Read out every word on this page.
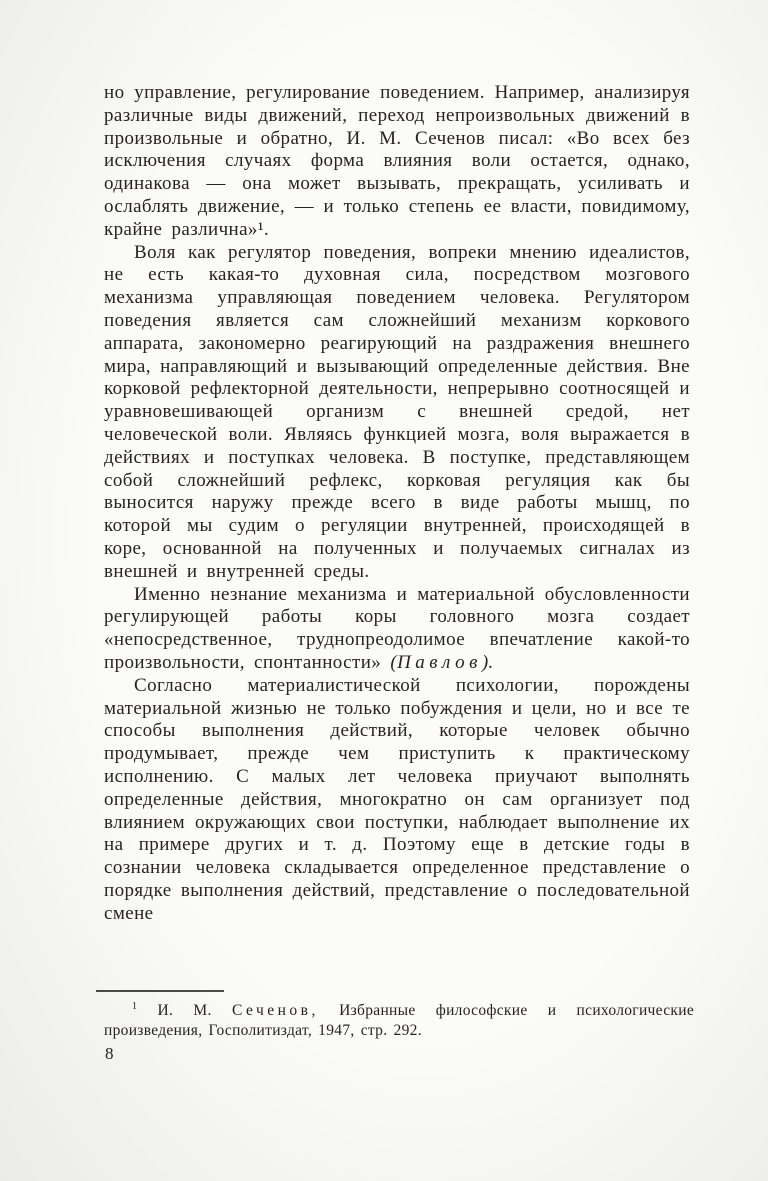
но управление, регулирование поведением. Например, анализируя различные виды движений, переход непроизвольных движений в произвольные и обратно, И. М. Сеченов писал: «Во всех без исключения случаях форма влияния воли остается, однако, одинакова — она может вызывать, прекращать, усиливать и ослаблять движение, — и только степень ее власти, повидимому, крайне различна»¹.

Воля как регулятор поведения, вопреки мнению идеалистов, не есть какая-то духовная сила, посредством мозгового механизма управляющая поведением человека. Регулятором поведения является сам сложнейший механизм коркового аппарата, закономерно реагирующий на раздражения внешнего мира, направляющий и вызывающий определенные действия. Вне корковой рефлекторной деятельности, непрерывно соотносящей и уравновешивающей организм с внешней средой, нет человеческой воли. Являясь функцией мозга, воля выражается в действиях и поступках человека. В поступке, представляющем собой сложнейший рефлекс, корковая регуляция как бы выносится наружу прежде всего в виде работы мышц, по которой мы судим о регуляции внутренней, происходящей в коре, основанной на полученных и получаемых сигналах из внешней и внутренней среды.

Именно незнание механизма и материальной обусловленности регулирующей работы коры головного мозга создает «непосредственное, труднопреодолимое впечатление какой-то произвольности, спонтанности» (Павлов).

Согласно материалистической психологии, порождены материальной жизнью не только побуждения и цели, но и все те способы выполнения действий, которые человек обычно продумывает, прежде чем приступить к практическому исполнению. С малых лет человека приучают выполнять определенные действия, многократно он сам организует под влиянием окружающих свои поступки, наблюдает выполнение их на примере других и т. д. Поэтому еще в детские годы в сознании человека складывается определенное представление о порядке выполнения действий, представление о последовательной смене

$^1$ И. М. Сеченов, Избранные философские и психологические произведения, Госполитиздат, 1947, стр. 292.
8
